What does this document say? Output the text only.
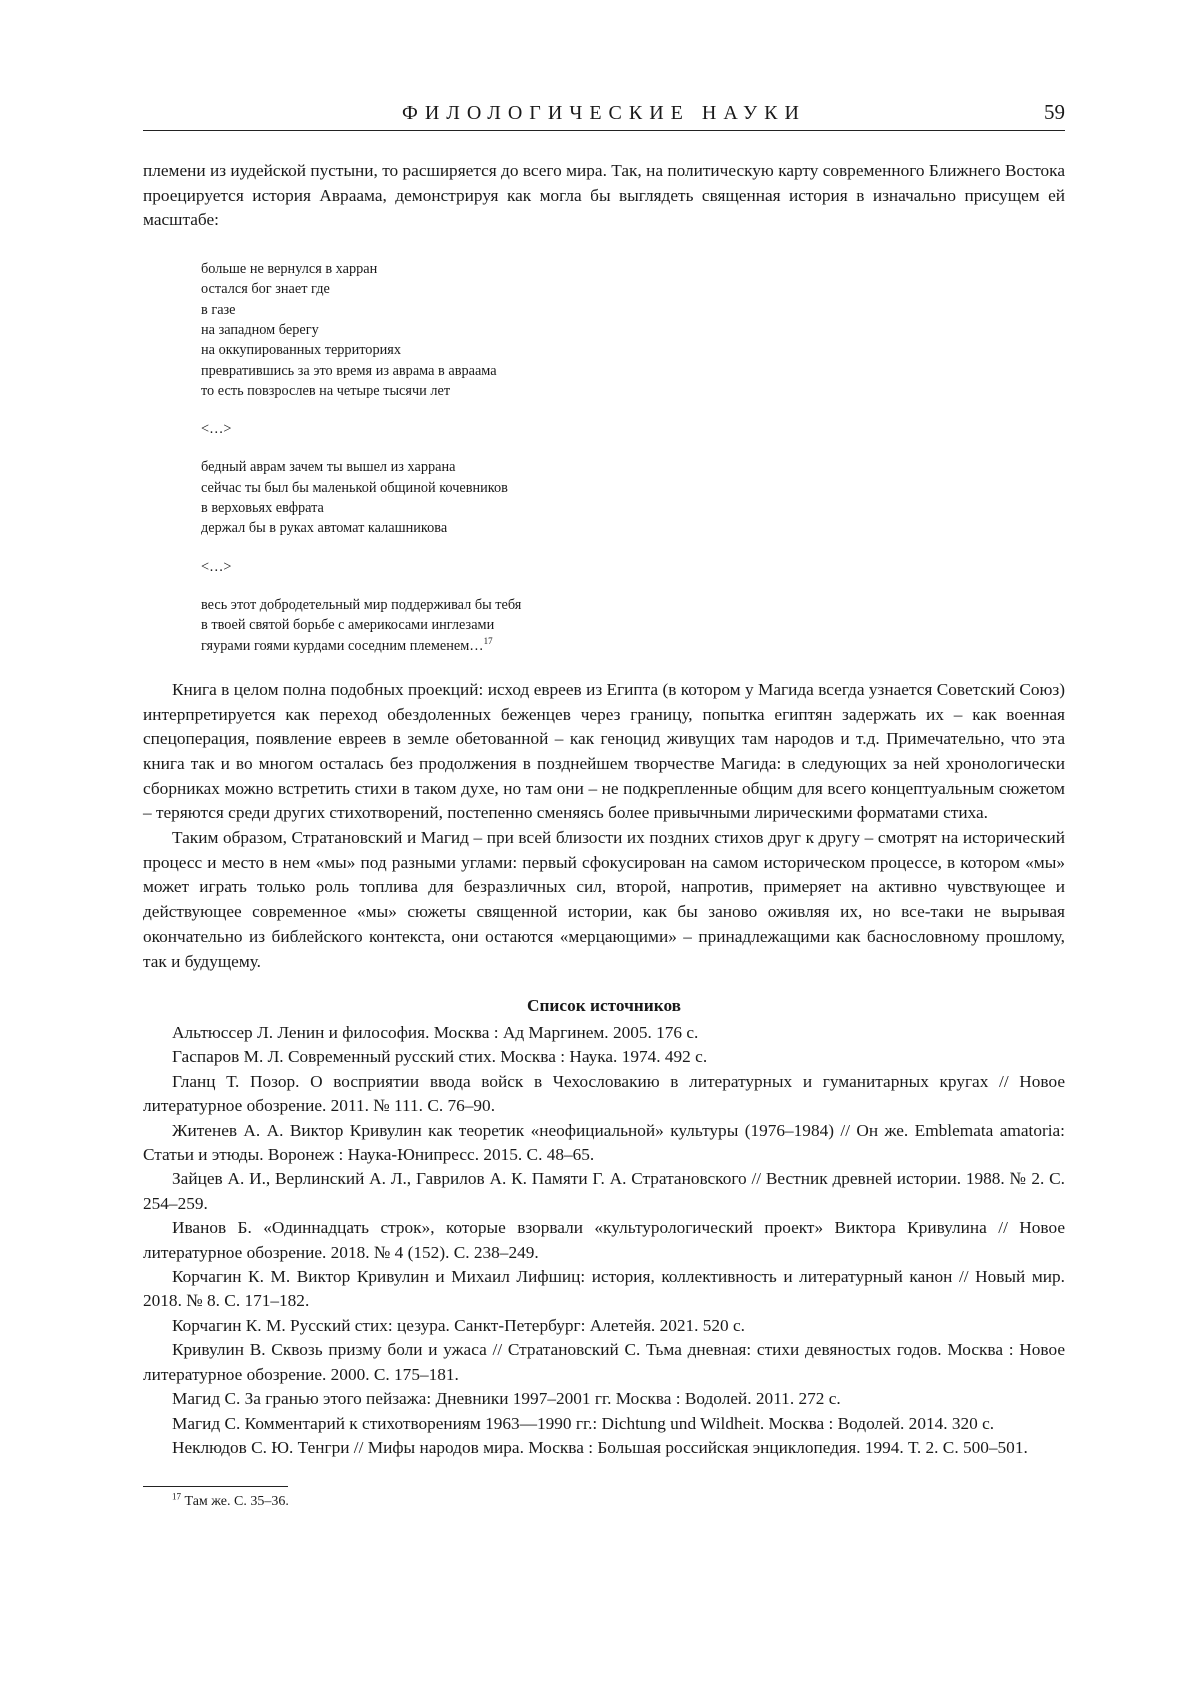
ФИЛОЛОГИЧЕСКИЕ НАУКИ	59

племени из иудейской пустыни, то расширяется до всего мира. Так, на политическую карту современного Ближнего Востока проецируется история Авраама, демонстрируя как могла бы выглядеть священная история в изначально присущем ей масштабе:

больше не вернулся в харран
остался бог знает где
в газе
на западном берегу
на оккупированных территориях
превратившись за это время из аврама в авраама
то есть повзрослев на четыре тысячи лет
<…>
бедный аврам зачем ты вышел из харрана
сейчас ты был бы маленькой общиной кочевников
в верховьях евфрата
держал бы в руках автомат калашникова
<…>
весь этот добродетельный мир поддерживал бы тебя
в твоей святой борьбе с америкосами инглезами
гяурами гоями курдами соседним племенем…$^{17}$

Книга в целом полна подобных проекций: исход евреев из Египта (в котором у Магида всегда узнается Советский Союз) интерпретируется как переход обездоленных беженцев через границу, попытка египтян задержать их – как военная спецоперация, появление евреев в земле обетованной – как геноцид живущих там народов и т.д. Примечательно, что эта книга так и во многом осталась без продолжения в позднейшем творчестве Магида: в следующих за ней хронологически сборниках можно встретить стихи в таком духе, но там они – не подкрепленные общим для всего концептуальным сюжетом – теряются среди других стихотворений, постепенно сменяясь более привычными лирическими форматами стиха.

Таким образом, Стратановский и Магид – при всей близости их поздних стихов друг к другу – смотрят на исторический процесс и место в нем «мы» под разными углами: первый сфокусирован на самом историческом процессе, в котором «мы» может играть только роль топлива для безразличных сил, второй, напротив, примеряет на активно чувствующее и действующее современное «мы» сюжеты священной истории, как бы заново оживляя их, но все-таки не вырывая окончательно из библейского контекста, они остаются «мерцающими» – принадлежащими как баснословному прошлому, так и будущему.

Список источников

Альтюссер Л. Ленин и философия. Москва : Ад Маргинем. 2005. 176 с.

Гаспаров М. Л. Современный русский стих. Москва : Наука. 1974. 492 с.

Гланц Т. Позор. О восприятии ввода войск в Чехословакию в литературных и гуманитарных кругах // Новое литературное обозрение. 2011. № 111. С. 76–90.

Житенев А. А. Виктор Кривулин как теоретик «неофициальной» культуры (1976–1984) // Он же. Emblemata amatoria: Статьи и этюды. Воронеж : Наука-Юнипресс. 2015. С. 48–65.

Зайцев А. И., Верлинский А. Л., Гаврилов А. К. Памяти Г. А. Стратановского // Вестник древней истории. 1988. № 2. С. 254–259.

Иванов Б. «Одиннадцать строк», которые взорвали «культурологический проект» Виктора Кривулина // Новое литературное обозрение. 2018. № 4 (152). С. 238–249.

Корчагин К. М. Виктор Кривулин и Михаил Лифшиц: история, коллективность и литературный канон // Новый мир. 2018. № 8. С. 171–182.

Корчагин К. М. Русский стих: цезура. Санкт-Петербург: Алетейя. 2021. 520 с.

Кривулин В. Сквозь призму боли и ужаса // Стратановский С. Тьма дневная: стихи девяностых годов. Москва : Новое литературное обозрение. 2000. С. 175–181.

Магид С. За гранью этого пейзажа: Дневники 1997–2001 гг. Москва : Водолей. 2011. 272 с.

Магид С. Комментарий к стихотворениям 1963—1990 гг.: Dichtung und Wildheit. Москва : Водолей. 2014. 320 с.

Неклюдов С. Ю. Тенгри // Мифы народов мира. Москва : Большая российская энциклопедия. 1994. Т. 2. С. 500–501.

$^{17}$ Там же. С. 35–36.
